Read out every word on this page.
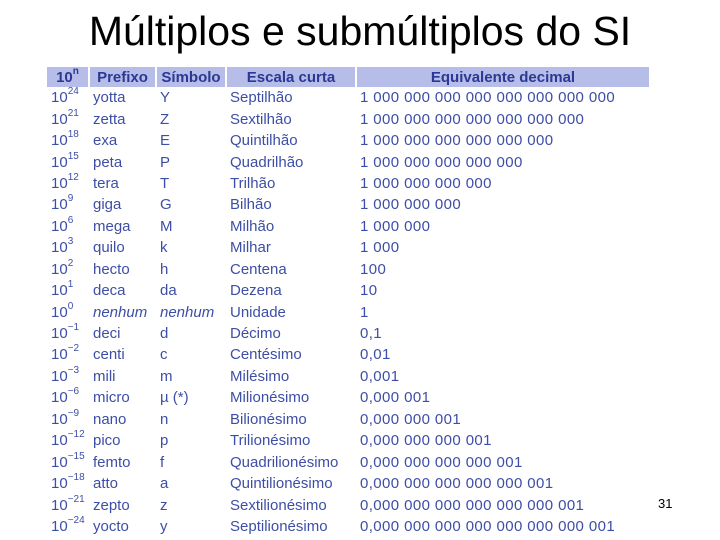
Múltiplos e submúltiplos do SI
10$^n$	Prefixo	Símbolo	Escala curta	Equivalente decimal
$10^{24}$	yotta	Y	Septilhão	1 000 000 000 000 000 000 000 000
$10^{21}$	zetta	Z	Sextilhão	1 000 000 000 000 000 000 000
$10^{18}$	exa	E	Quintilhão	1 000 000 000 000 000 000
$10^{15}$	peta	P	Quadrilhão	1 000 000 000 000 000
$10^{12}$	tera	T	Trilhão	1 000 000 000 000
$10^9$	giga	G	Bilhão	1 000 000 000
$10^6$	mega	M	Milhão	1 000 000
$10^3$	quilo	k	Milhar	1 000
$10^2$	hecto	h	Centena	100
$10^1$	deca	da	Dezena	10
$10^0$	nenhum	nenhum	Unidade	1
$10^{-1}$	deci	d	Décimo	0,1
$10^{-2}$	centi	c	Centésimo	0,01
$10^{-3}$	mili	m	Milésimo	0,001
$10^{-6}$	micro	µ (*)	Milionésimo	0,000 001
$10^{-9}$	nano	n	Bilionésimo	0,000 000 001
$10^{-12}$	pico	p	Trilionésimo	0,000 000 000 001
$10^{-15}$	femto	f	Quadrilionésimo	0,000 000 000 000 001
$10^{-18}$	atto	a	Quintilionésimo	0,000 000 000 000 000 001
$10^{-21}$	zepto	z	Sextilionésimo	0,000 000 000 000 000 000 001
$10^{-24}$	yocto	y	Septilionésimo	0,000 000 000 000 000 000 000 001
31
